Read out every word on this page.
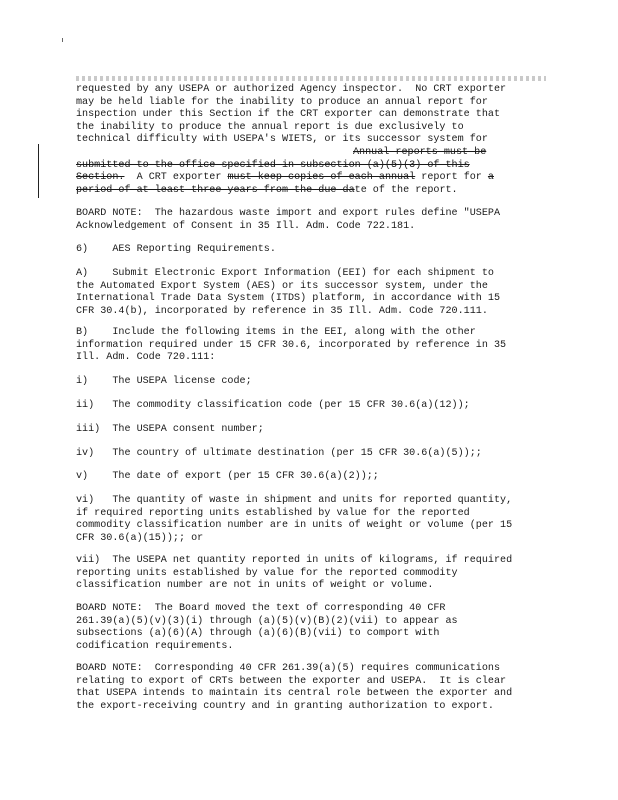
requested by any USEPA or authorized Agency inspector.  No CRT exporter
may be held liable for the inability to produce an annual report for
inspection under this Section if the CRT exporter can demonstrate that
the inability to produce the annual report is due exclusively to
technical difficulty with USEPA's WIETS, or its successor system for
Annual reports must be
submitted to the office specified in subsection (a)(5)(3) of this
Section.  A CRT exporter must keep copies of each annual report for a
period of at least three years from the due date of the report.
BOARD NOTE:  The hazardous waste import and export rules define "USEPA
Acknowledgement of Consent in 35 Ill. Adm. Code 722.181.
6)    AES Reporting Requirements.
A)    Submit Electronic Export Information (EEI) for each shipment to
the Automated Export System (AES) or its successor system, under the
International Trade Data System (ITDS) platform, in accordance with 15
CFR 30.4(b), incorporated by reference in 35 Ill. Adm. Code 720.111.
B)    Include the following items in the EEI, along with the other
information required under 15 CFR 30.6, incorporated by reference in 35
Ill. Adm. Code 720.111:
i)    The USEPA license code;
ii)   The commodity classification code (per 15 CFR 30.6(a)(12));
iii)  The USEPA consent number;
iv)   The country of ultimate destination (per 15 CFR 30.6(a)(5));;
v)    The date of export (per 15 CFR 30.6(a)(2));;
vi)   The quantity of waste in shipment and units for reported quantity,
if required reporting units established by value for the reported
commodity classification number are in units of weight or volume (per 15
CFR 30.6(a)(15));; or
vii)  The USEPA net quantity reported in units of kilograms, if required
reporting units established by value for the reported commodity
classification number are not in units of weight or volume.
BOARD NOTE:  The Board moved the text of corresponding 40 CFR
261.39(a)(5)(v)(3)(i) through (a)(5)(v)(B)(2)(vii) to appear as
subsections (a)(6)(A) through (a)(6)(B)(vii) to comport with
codification requirements.
BOARD NOTE:  Corresponding 40 CFR 261.39(a)(5) requires communications
relating to export of CRTs between the exporter and USEPA.  It is clear
that USEPA intends to maintain its central role between the exporter and
the export-receiving country and in granting authorization to export.
